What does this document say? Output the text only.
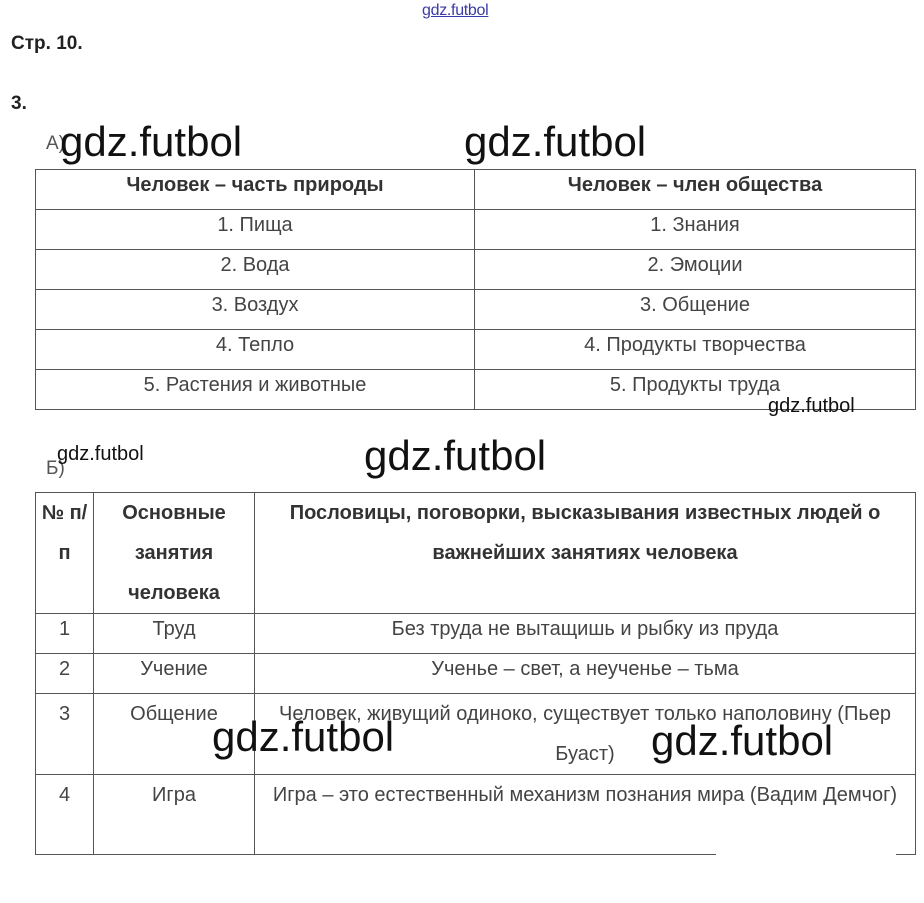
gdz.futbol
Стр. 10.
3.
А)
Человек – часть природы	Человек – член общества
1. Пища	1. Знания
2. Вода	2. Эмоции
3. Воздух	3. Общение
4. Тепло	4. Продукты творчества
5. Растения и животные	5. Продукты труда
Б)
№ п/п	Основные занятия человека	Пословицы, поговорки, высказывания известных людей о важнейших занятиях человека
1	Труд	Без труда не вытащишь и рыбку из пруда
2	Учение	Ученье – свет, а неученье – тьма
3	Общение	Человек, живущий одиноко, существует только наполовину (Пьер Буаст)
4	Игра	Игра – это естественный механизм познания мира (Вадим Демчог)
gdz.futbol	gdz.futbol
gdz.futbol
gdz.futbol	gdz.futbol
gdz.futbol	gdz.futbol
